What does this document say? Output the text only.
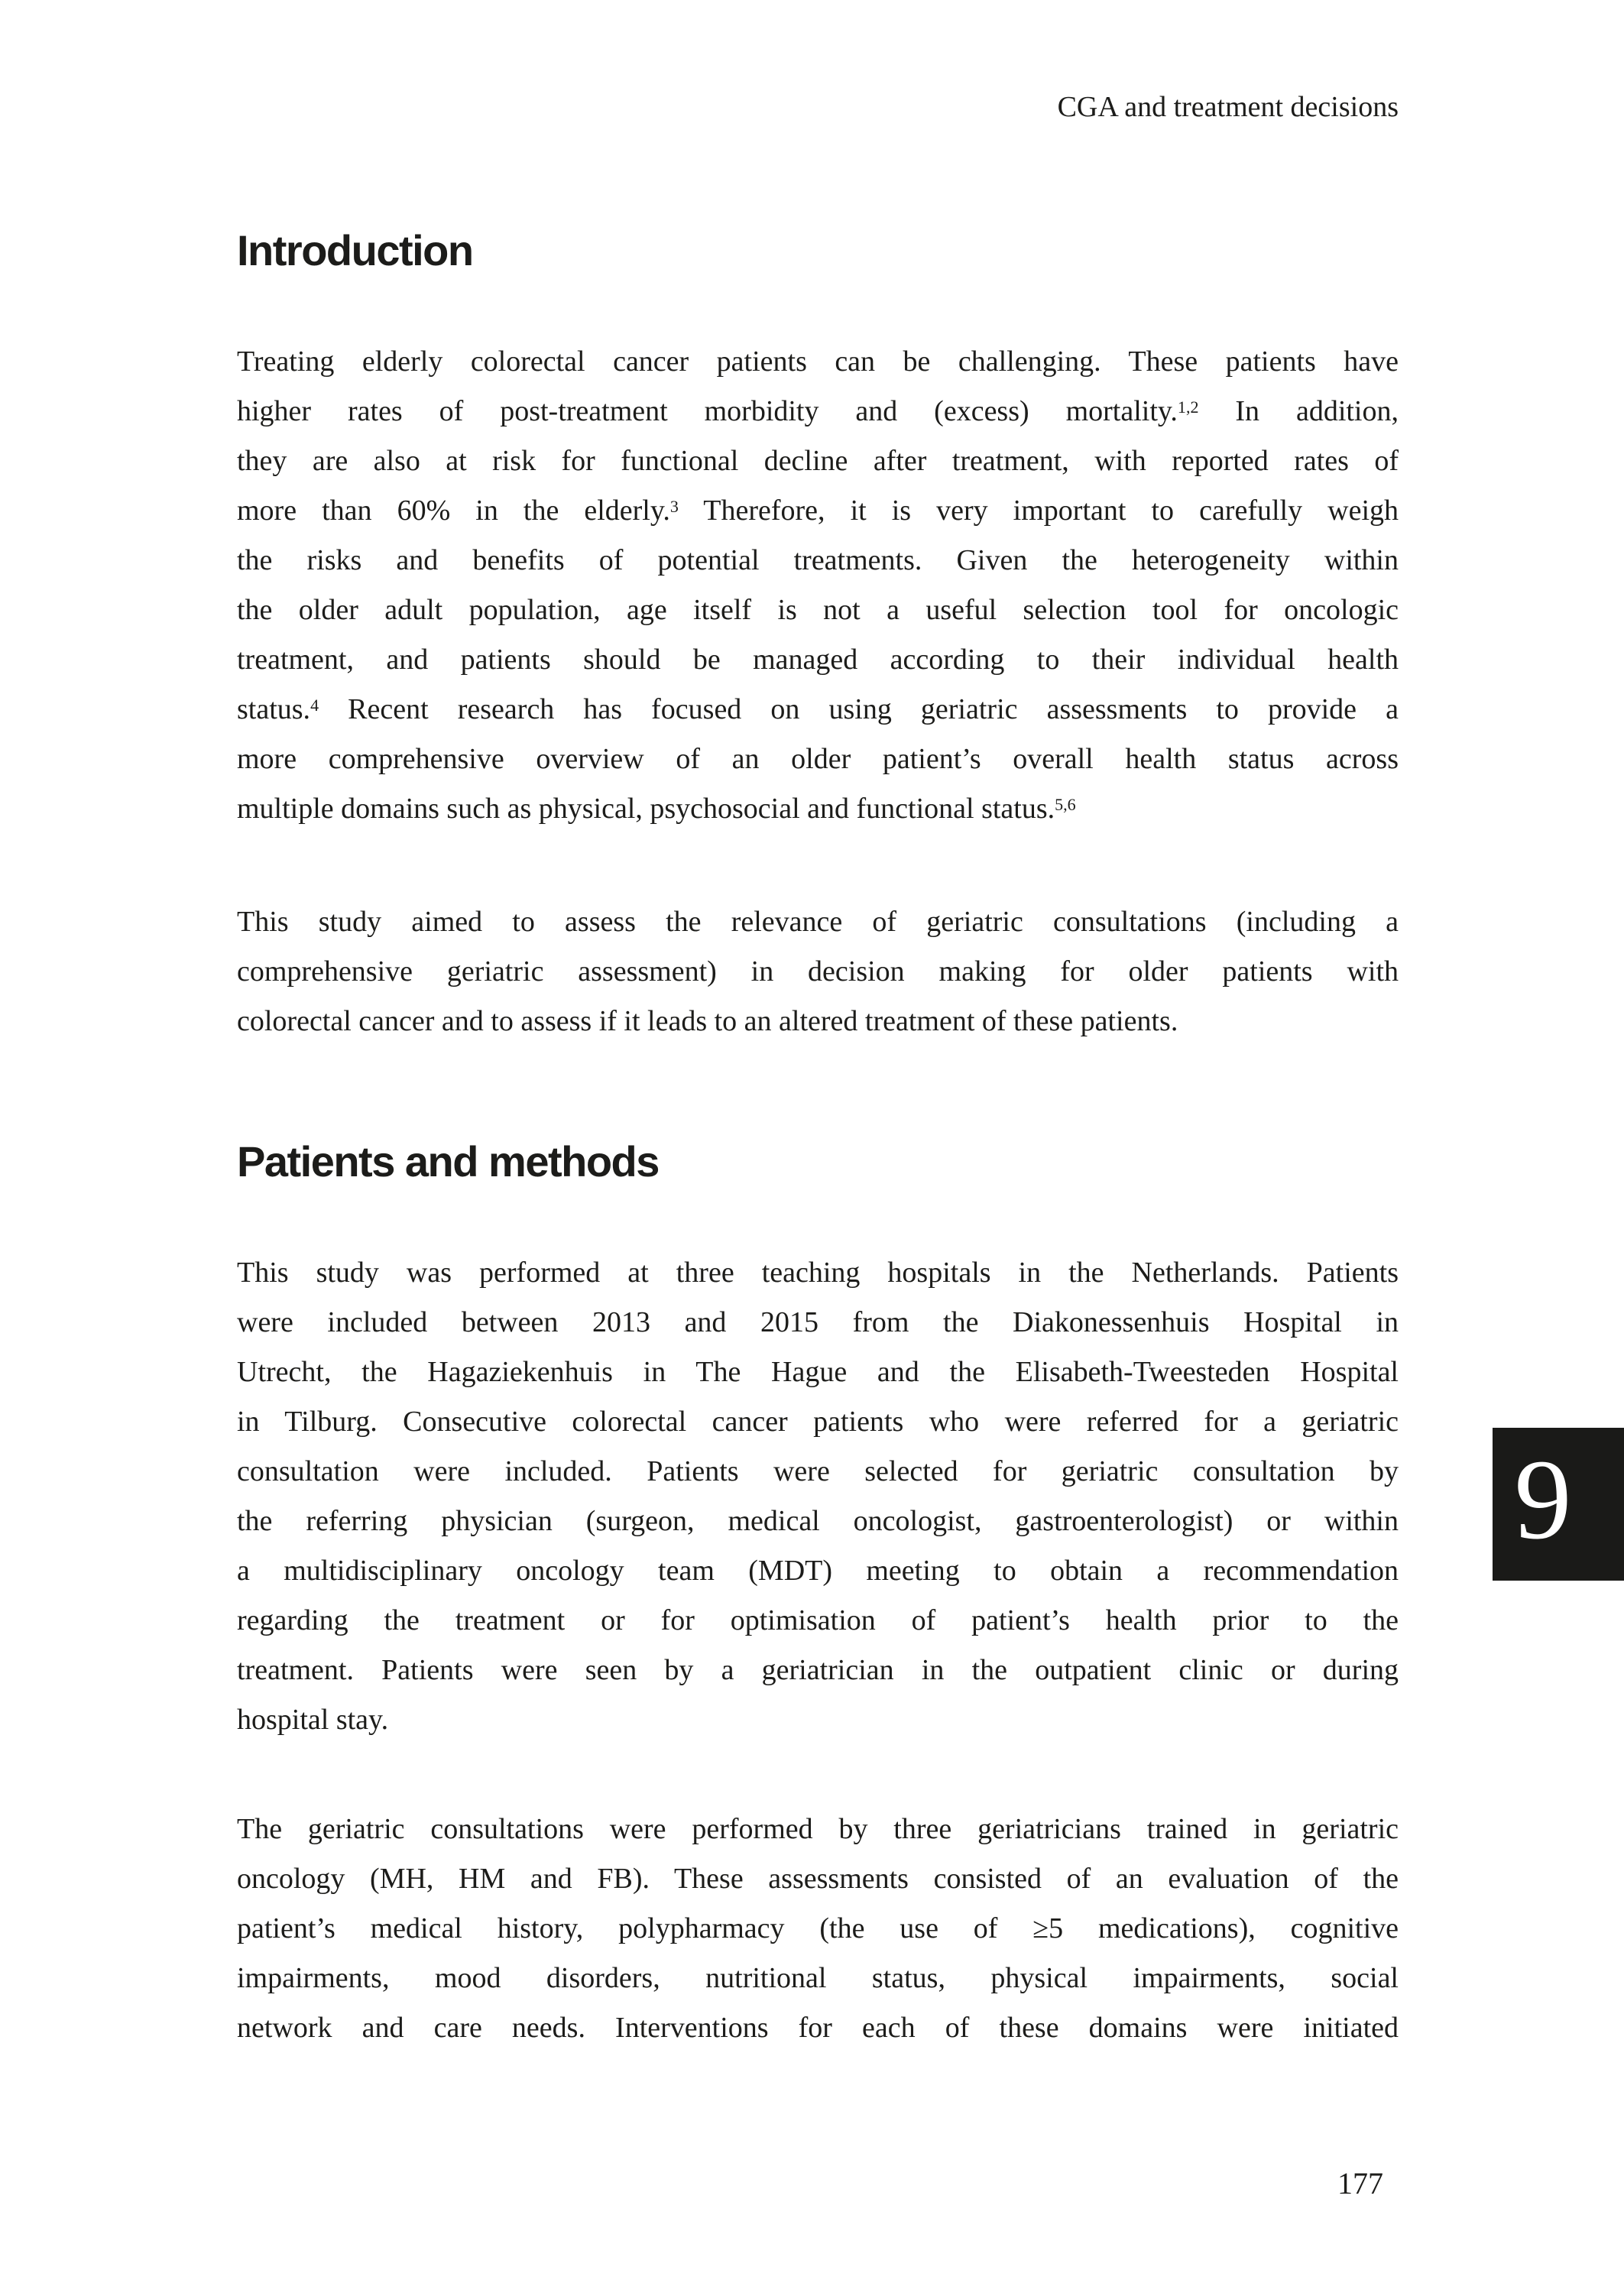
CGA and treatment decisions
Introduction
Treating elderly colorectal cancer patients can be challenging. These patients have
higher rates of post-treatment morbidity and (excess) mortality.$^{1,2}$ In addition,
they are also at risk for functional decline after treatment, with reported rates of
more than 60% in the elderly.$^3$ Therefore, it is very important to carefully weigh
the risks and benefits of potential treatments. Given the heterogeneity within
the older adult population, age itself is not a useful selection tool for oncologic
treatment, and patients should be managed according to their individual health
status.$^4$ Recent research has focused on using geriatric assessments to provide a
more comprehensive overview of an older patient’s overall health status across
multiple domains such as physical, psychosocial and functional status.$^{5,6}$
This study aimed to assess the relevance of geriatric consultations (including a
comprehensive geriatric assessment) in decision making for older patients with
colorectal cancer and to assess if it leads to an altered treatment of these patients.
Patients and methods
This study was performed at three teaching hospitals in the Netherlands. Patients
were included between 2013 and 2015 from the Diakonessenhuis Hospital in
Utrecht, the Hagaziekenhuis in The Hague and the Elisabeth-Tweesteden Hospital
in Tilburg. Consecutive colorectal cancer patients who were referred for a geriatric
consultation were included. Patients were selected for geriatric consultation by
the referring physician (surgeon, medical oncologist, gastroenterologist) or within
a multidisciplinary oncology team (MDT) meeting to obtain a recommendation
regarding the treatment or for optimisation of patient’s health prior to the
treatment. Patients were seen by a geriatrician in the outpatient clinic or during
hospital stay.
The geriatric consultations were performed by three geriatricians trained in geriatric
oncology (MH, HM and FB). These assessments consisted of an evaluation of the
patient’s medical history, polypharmacy (the use of ≥5 medications), cognitive
impairments, mood disorders, nutritional status, physical impairments, social
network and care needs. Interventions for each of these domains were initiated
9
177
